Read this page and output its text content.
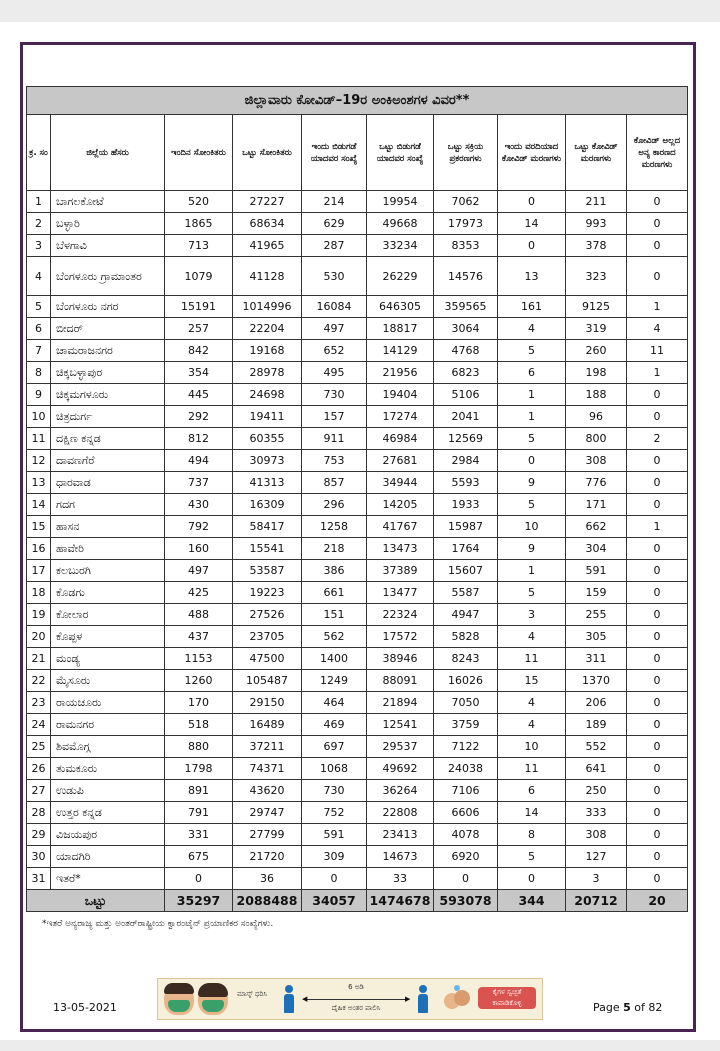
ಜಿಲ್ಲಾವಾರು ಕೋವಿಡ್–19ರ ಅಂಕಿಅಂಶಗಳ ವಿವರ**									
ಕ್ರ. ಸಂ	ಜಿಲ್ಲೆಯ ಹೆಸರು	ಇಂದಿನ ಸೋಂಕಿತರು	ಒಟ್ಟು ಸೋಂಕಿತರು	ಇಂದು ಬಿಡುಗಡೆ ಯಾದವರ ಸಂಖ್ಯೆ	ಒಟ್ಟು ಬಿಡುಗಡೆ ಯಾದವರ ಸಂಖ್ಯೆ	ಒಟ್ಟು ಸಕ್ರಿಯ ಪ್ರಕರಣಗಳು	ಇಂದು ವರದಿಯಾದ ಕೋವಿಡ್ ಮರಣಗಳು	ಒಟ್ಟು ಕೋವಿಡ್ ಮರಣಗಳು	ಕೋವಿಡ್ ಅಲ್ಲದ ಅನ್ಯ ಕಾರಣದ ಮರಣಗಳು
1	ಬಾಗಲಕೋಟೆ	520	27227	214	19954	7062	0	211	0
2	ಬಳ್ಳಾರಿ	1865	68634	629	49668	17973	14	993	0
3	ಬೆಳಗಾವಿ	713	41965	287	33234	8353	0	378	0
4	ಬೆಂಗಳೂರು ಗ್ರಾಮಾಂತರ	1079	41128	530	26229	14576	13	323	0
5	ಬೆಂಗಳೂರು ನಗರ	15191	1014996	16084	646305	359565	161	9125	1
6	ಬೀದರ್	257	22204	497	18817	3064	4	319	4
7	ಚಾಮರಾಜನಗರ	842	19168	652	14129	4768	5	260	11
8	ಚಿಕ್ಕಬಳ್ಳಾಪುರ	354	28978	495	21956	6823	6	198	1
9	ಚಿಕ್ಕಮಗಳೂರು	445	24698	730	19404	5106	1	188	0
10	ಚಿತ್ರದುರ್ಗ	292	19411	157	17274	2041	1	96	0
11	ದಕ್ಷಿಣ ಕನ್ನಡ	812	60355	911	46984	12569	5	800	2
12	ದಾವಣಗೆರೆ	494	30973	753	27681	2984	0	308	0
13	ಧಾರವಾಡ	737	41313	857	34944	5593	9	776	0
14	ಗದಗ	430	16309	296	14205	1933	5	171	0
15	ಹಾಸನ	792	58417	1258	41767	15987	10	662	1
16	ಹಾವೇರಿ	160	15541	218	13473	1764	9	304	0
17	ಕಲಬುರಗಿ	497	53587	386	37389	15607	1	591	0
18	ಕೊಡಗು	425	19223	661	13477	5587	5	159	0
19	ಕೋಲಾರ	488	27526	151	22324	4947	3	255	0
20	ಕೊಪ್ಪಳ	437	23705	562	17572	5828	4	305	0
21	ಮಂಡ್ಯ	1153	47500	1400	38946	8243	11	311	0
22	ಮೈಸೂರು	1260	105487	1249	88091	16026	15	1370	0
23	ರಾಯಚೂರು	170	29150	464	21894	7050	4	206	0
24	ರಾಮನಗರ	518	16489	469	12541	3759	4	189	0
25	ಶಿವಮೊಗ್ಗ	880	37211	697	29537	7122	10	552	0
26	ತುಮಕೂರು	1798	74371	1068	49692	24038	11	641	0
27	ಉಡುಪಿ	891	43620	730	36264	7106	6	250	0
28	ಉತ್ತರ ಕನ್ನಡ	791	29747	752	22808	6606	14	333	0
29	ವಿಜಯಪುರ	331	27799	591	23413	4078	8	308	0
30	ಯಾದಗಿರಿ	675	21720	309	14673	6920	5	127	0
31	ಇತರೆ*	0	36	0	33	0	0	3	0
ಒಟ್ಟು		35297	2088488	34057	1474678	593078	344	20712	20
*ಇತರೆ ಅನ್ಯರಾಜ್ಯ ಮತ್ತು ಅಂತರ್‌ರಾಷ್ಟ್ರೀಯ ಕ್ವಾರಂಟೈನ್ ಪ್ರಯಾಣಿಕರ ಸಂಖ್ಯೆಗಳು.
ಮಾಸ್ಕ್ ಧರಿಸಿ
◀	▶
6 ಅಡಿ
ದೈಹಿಕ ಅಂತರ ಪಾಲಿಸಿ
ಕೈಗಳ ಸ್ವಚ್ಛತೆ ಕಾಪಾಡಿಕೊಳ್ಳಿ
13-05-2021	Page 5 of 82
